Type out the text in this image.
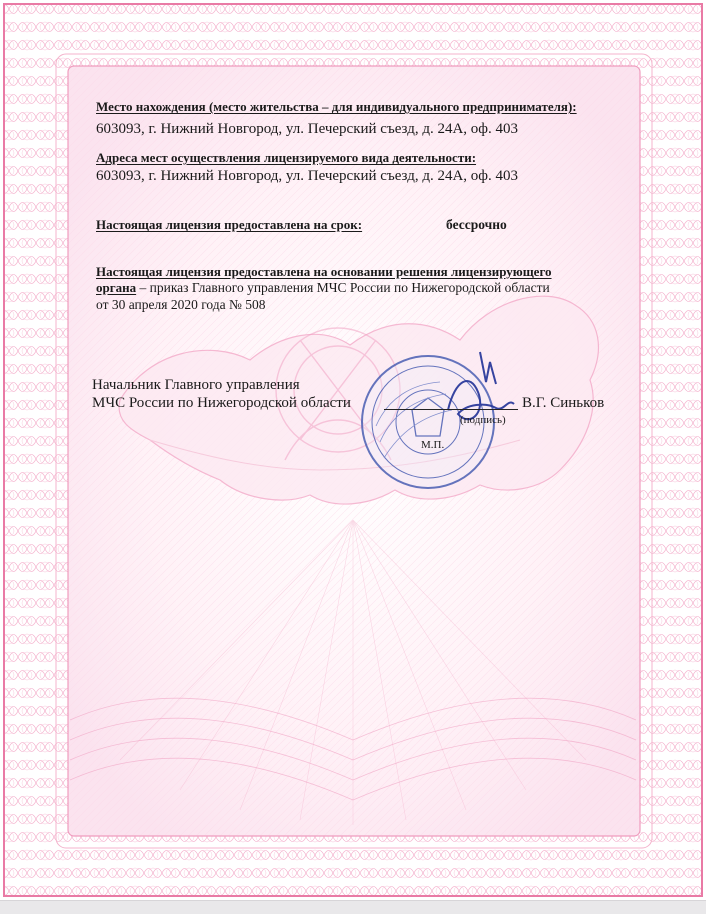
Место нахождения (место жительства – для индивидуального предпринимателя):
603093, г. Нижний Новгород, ул. Печерский съезд, д. 24А, оф. 403
Адреса мест осуществления лицензируемого вида деятельности:
603093, г. Нижний Новгород, ул. Печерский съезд, д. 24А, оф. 403
Настоящая лицензия предоставлена на срок:	бессрочно
Настоящая лицензия предоставлена на основании решения лицензирующего
органа – приказ Главного управления МЧС России по Нижегородской области
от 30 апреля 2020 года № 508
Начальник Главного управления
МЧС России по Нижегородской области	В.Г. Синьков
(подпись)
М.П.
